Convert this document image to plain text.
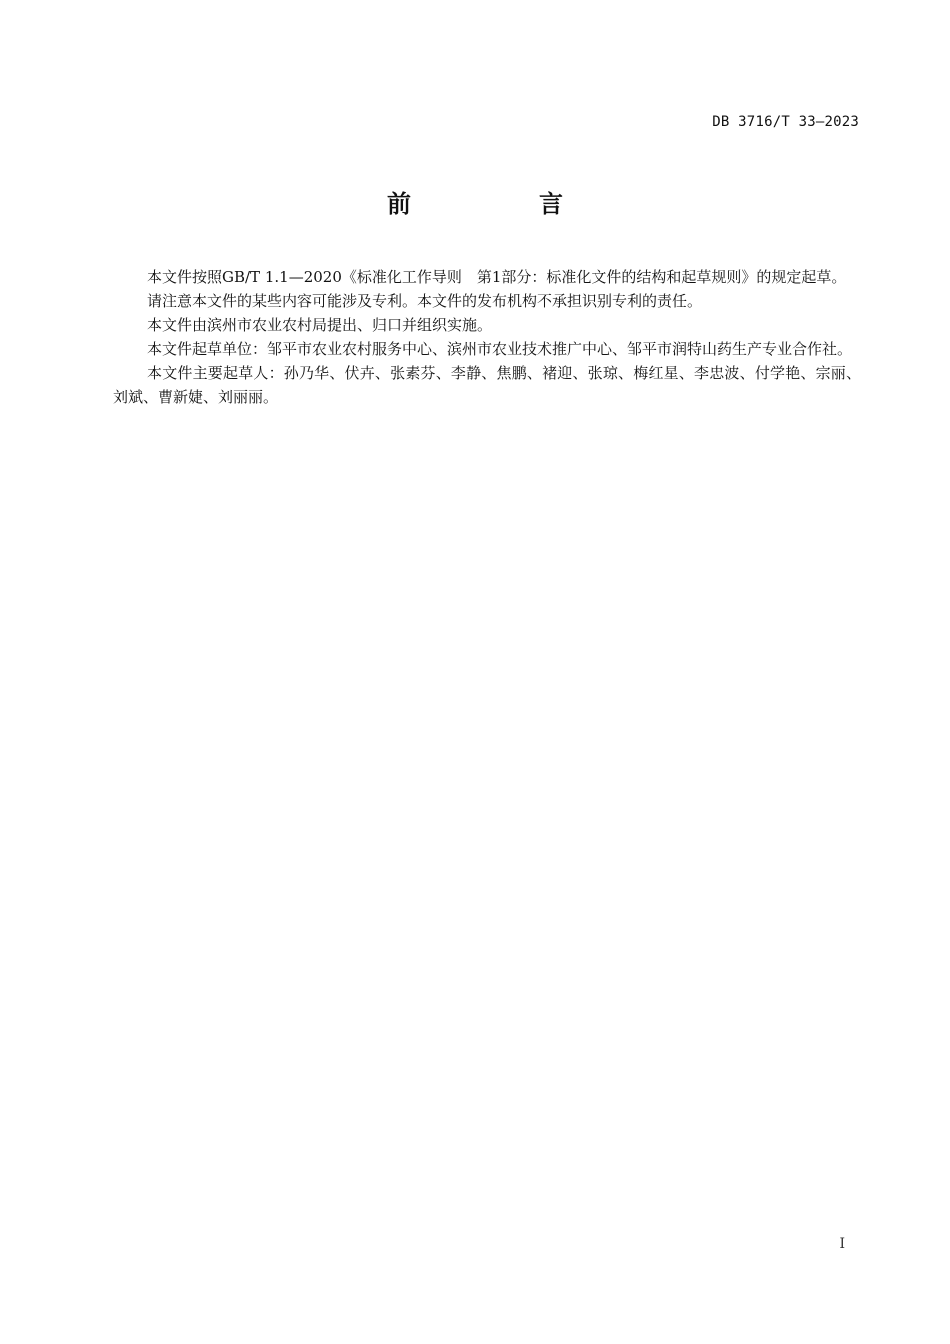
DB 3716/T 33—2023
前　言

本文件按照GB/T 1.1—2020《标准化工作导则　第1部分：标准化文件的结构和起草规则》的规定起草。

请注意本文件的某些内容可能涉及专利。本文件的发布机构不承担识别专利的责任。

本文件由滨州市农业农村局提出、归口并组织实施。

本文件起草单位：邹平市农业农村服务中心、滨州市农业技术推广中心、邹平市润特山药生产专业合作社。

本文件主要起草人：孙乃华、伏卉、张素芬、李静、焦鹏、褚迎、张琼、梅红星、李忠波、付学艳、宗丽、刘斌、曹新婕、刘丽丽。

I
